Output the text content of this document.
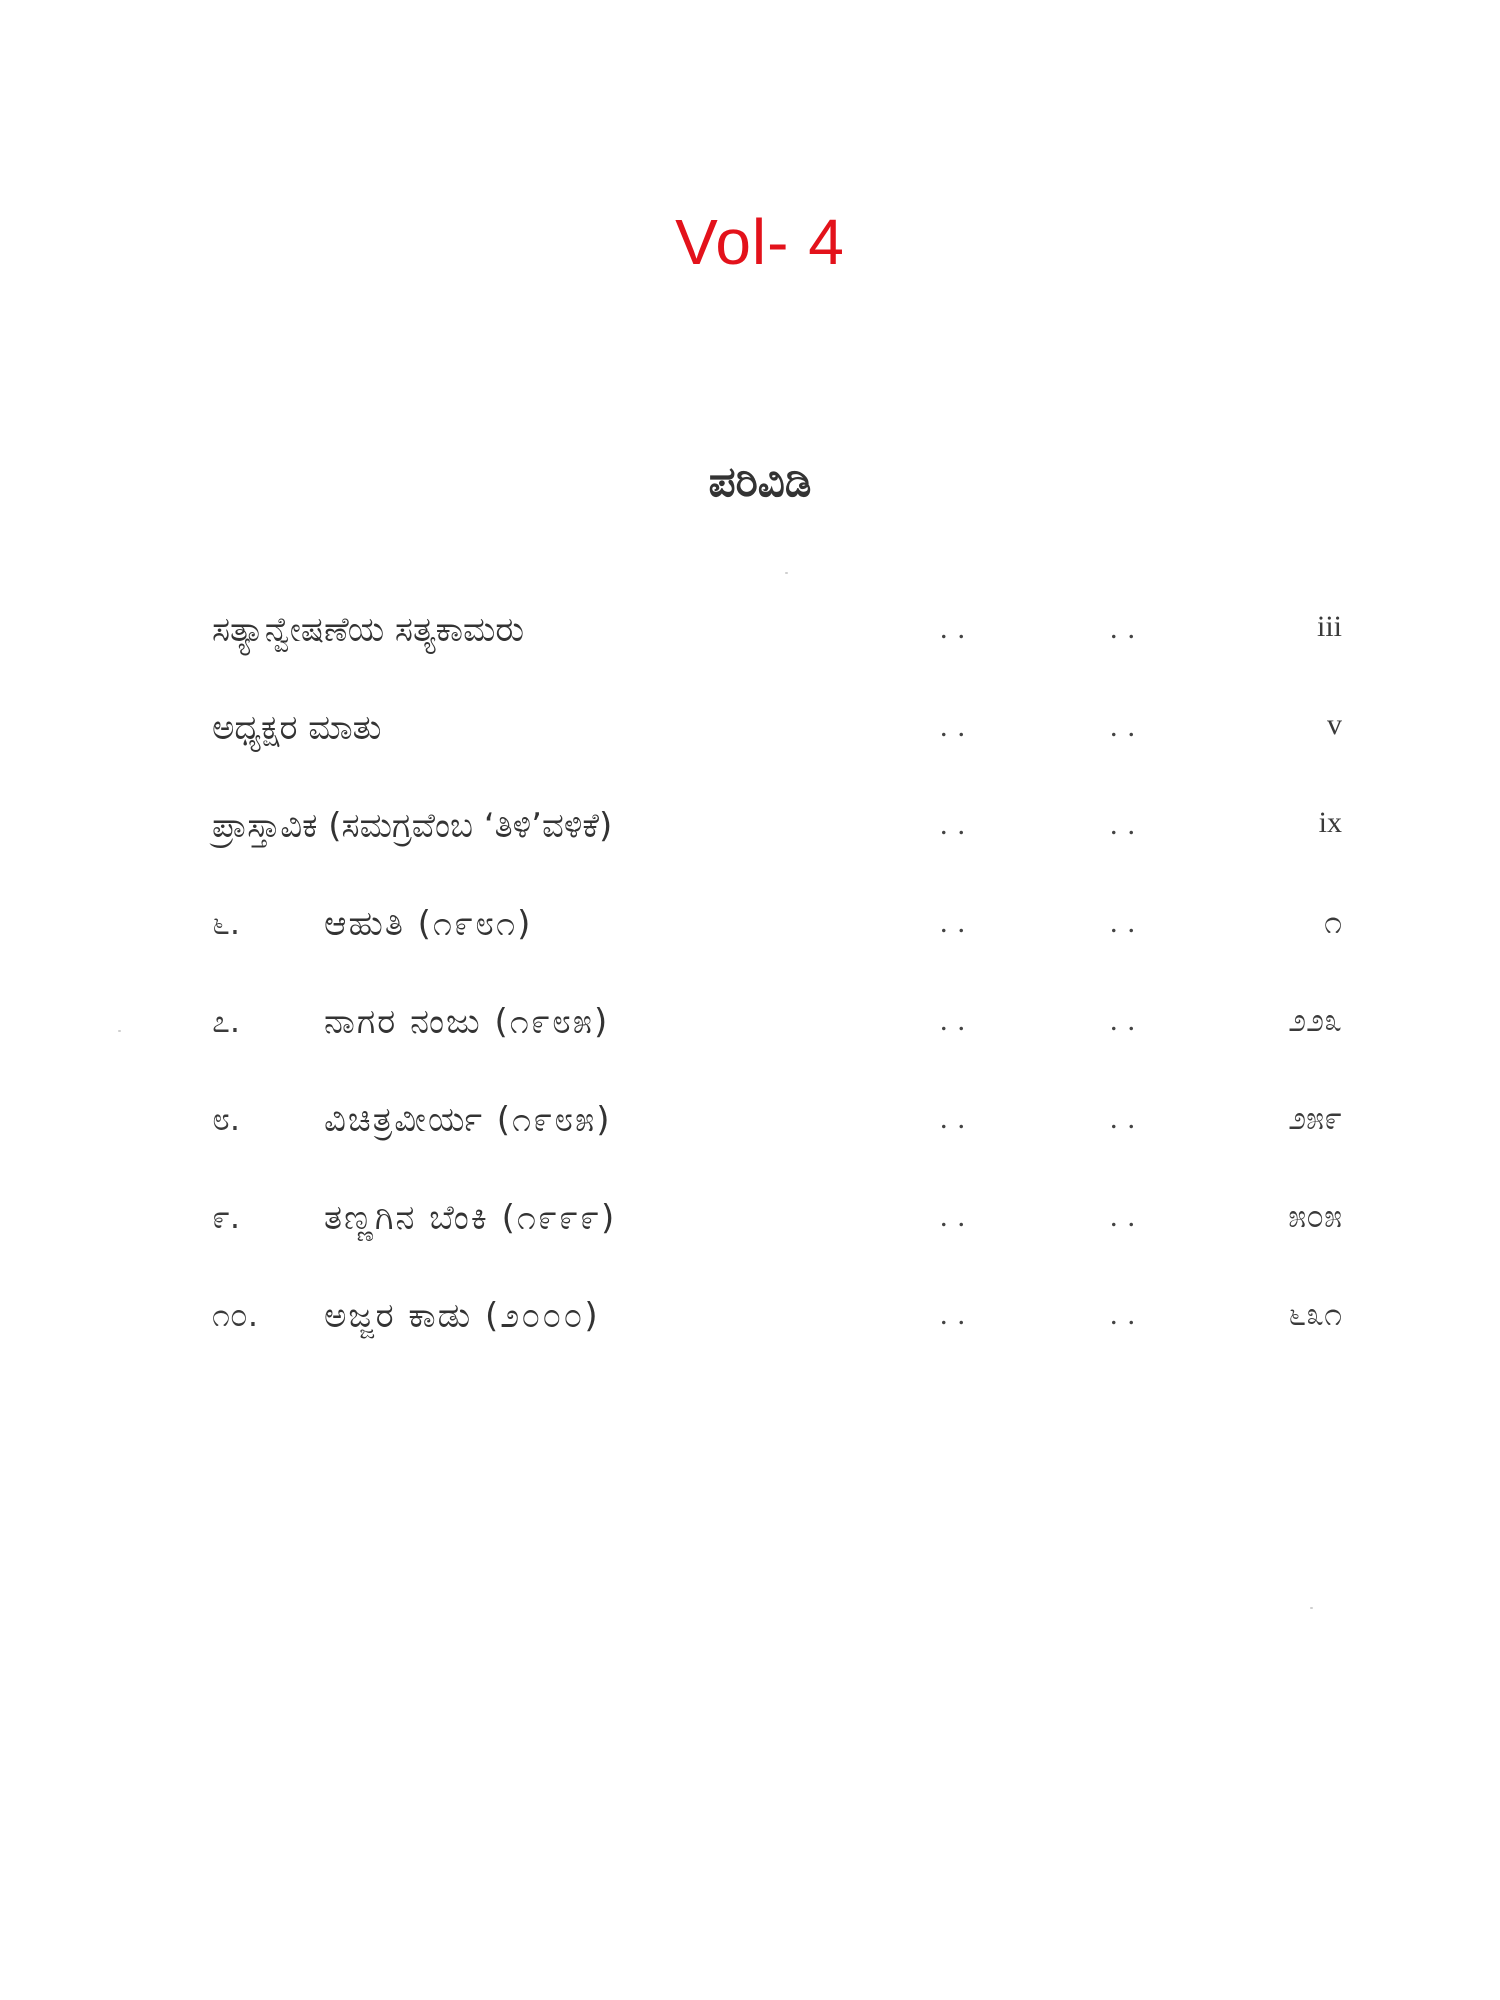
Vol- 4
ಪರಿವಿಡಿ
ಸತ್ಯಾನ್ವೇಷಣೆಯ ಸತ್ಯಕಾಮರು	..	..	iii
ಅಧ್ಯಕ್ಷರ ಮಾತು	..	..	v
ಪ್ರಾಸ್ತಾವಿಕ (ಸಮಗ್ರವೆಂಬ ‘ತಿಳಿ’ವಳಿಕೆ)	..	..	ix
೬. ಆಹುತಿ (೧೯೮೧)	..	..	೧
೭. ನಾಗರ ನಂಜು (೧೯೮೫)	..	..	೨೨೩
೮. ವಿಚಿತ್ರವೀರ್ಯ (೧೯೮೫)	..	..	೨೫೯
೯. ತಣ್ಣಗಿನ ಬೆಂಕಿ (೧೯೯೯)	..	..	೫೦೫
೧೦. ಅಜ್ಜರ ಕಾಡು (೨೦೦೦)	..	..	೬೩೧
